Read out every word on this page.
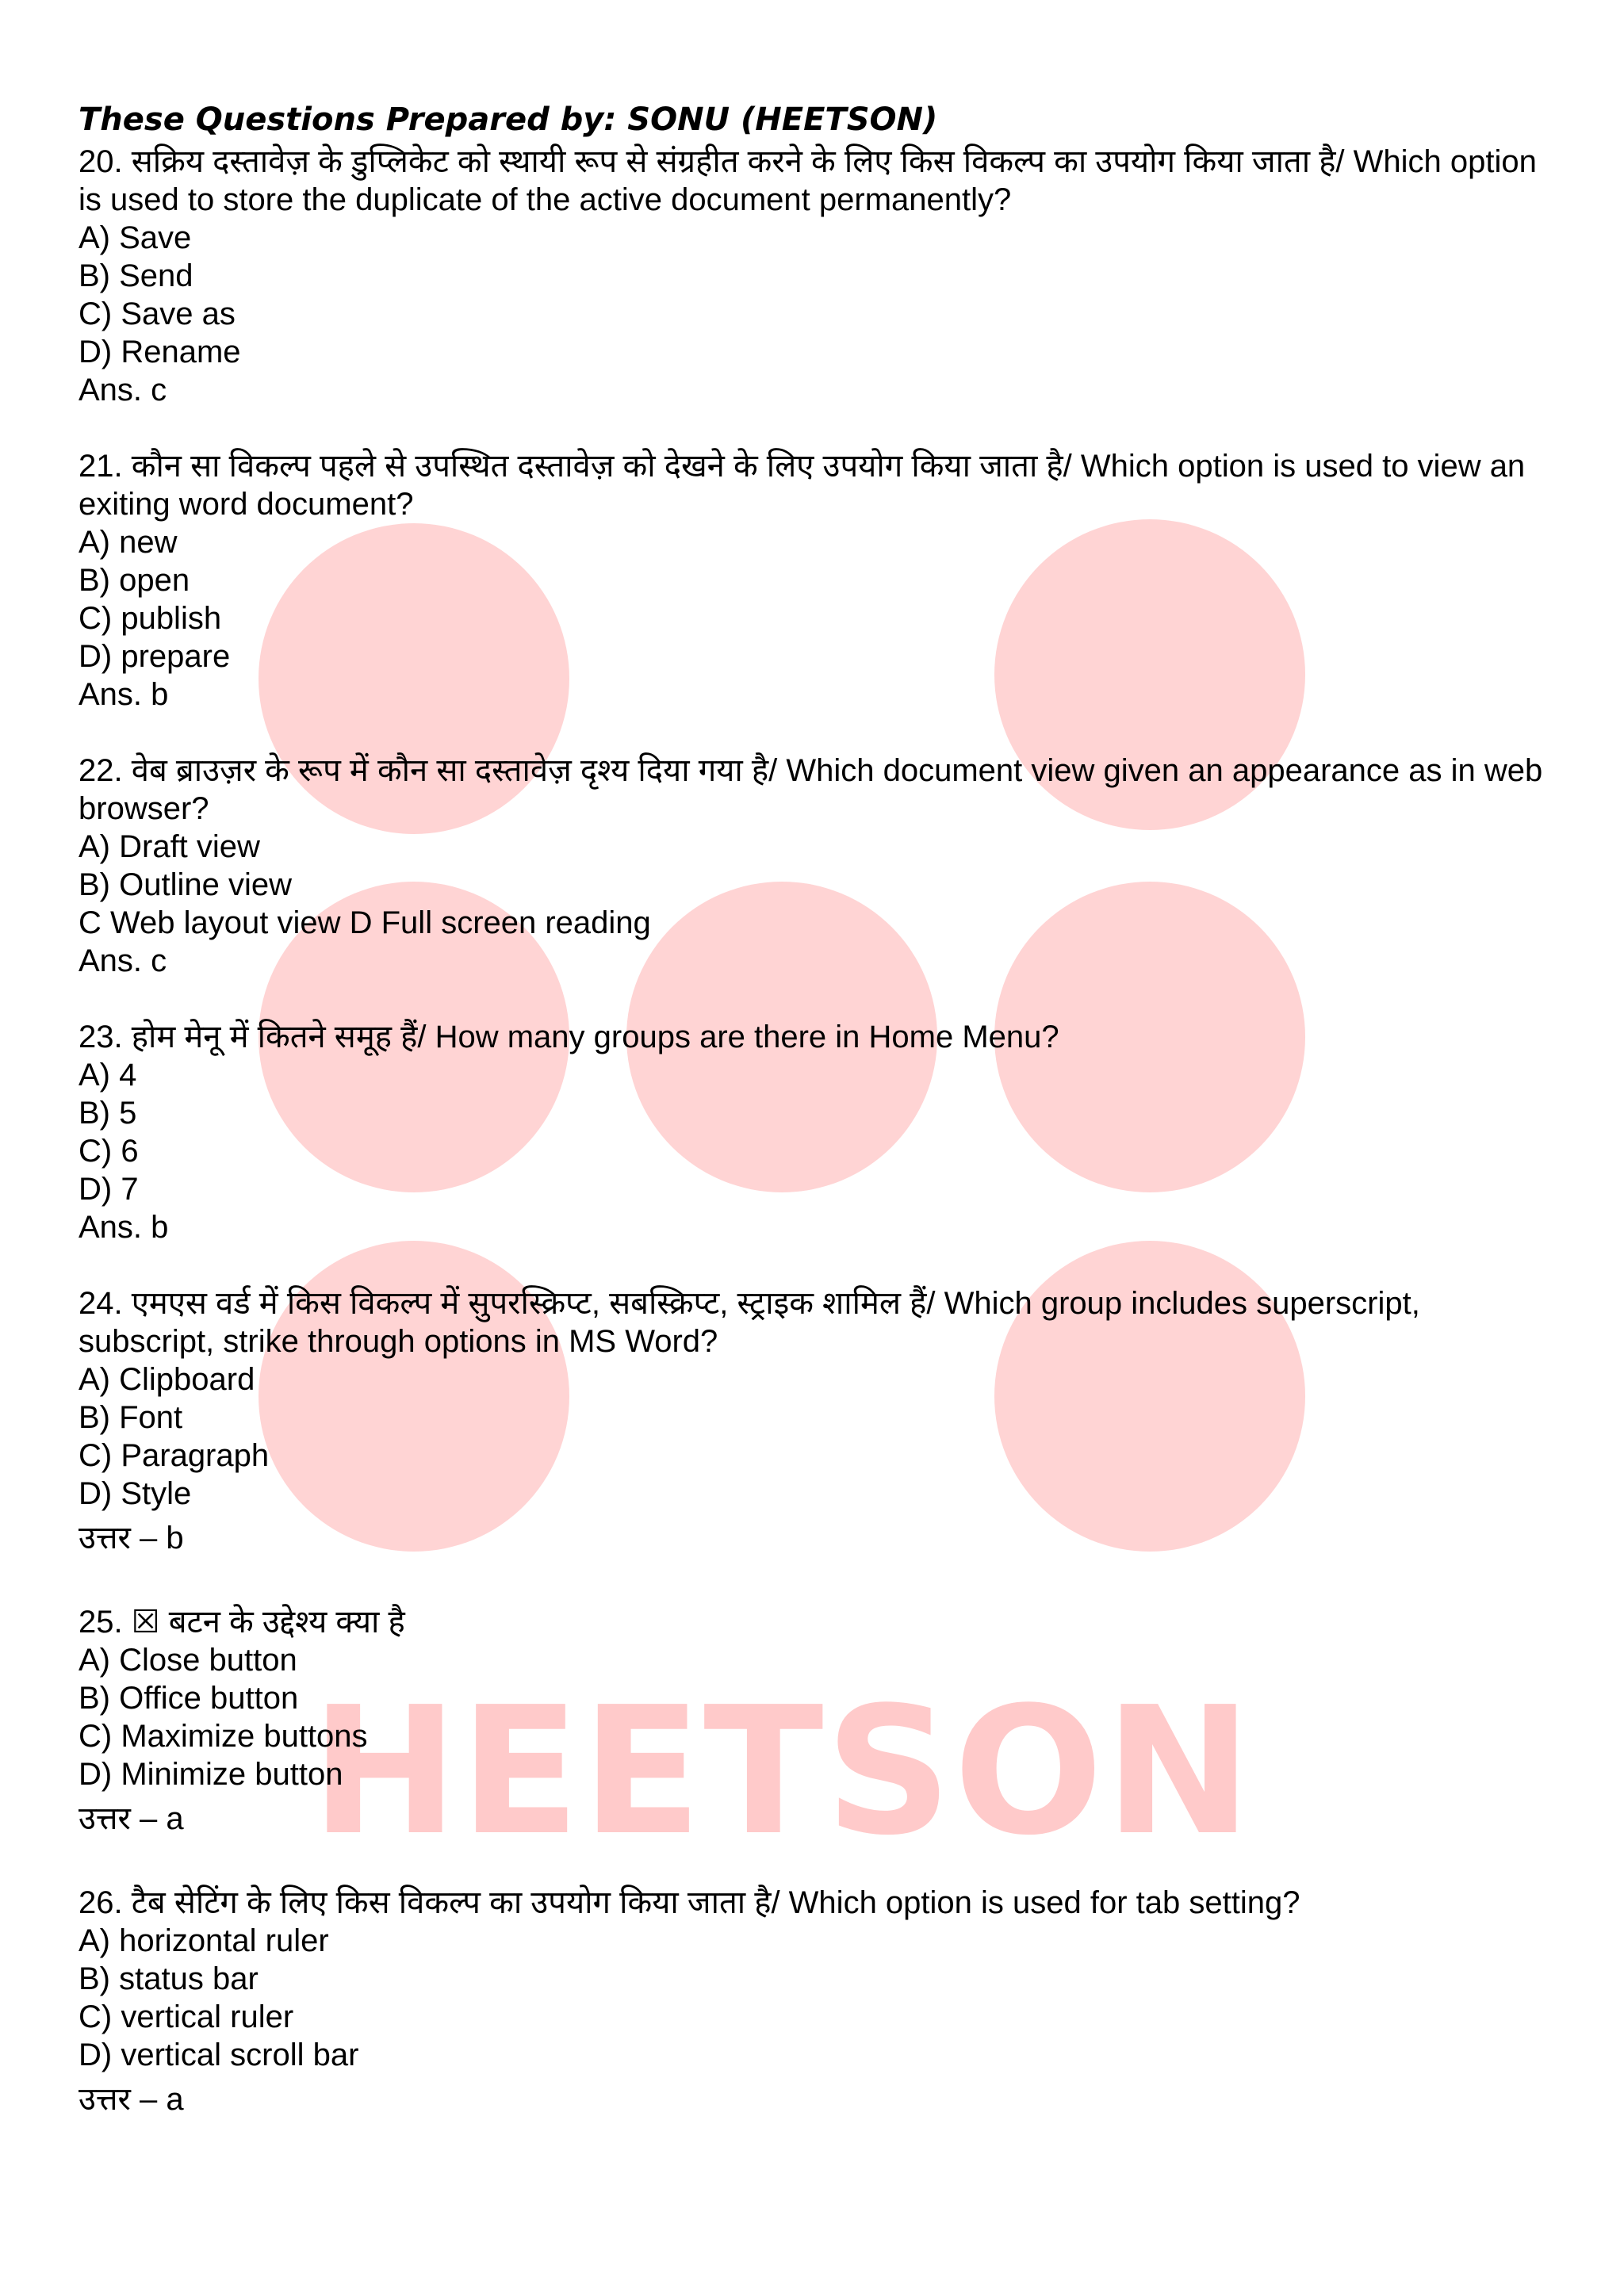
HEETSON
These Questions Prepared by: SONU (HEETSON)
20. सक्रिय दस्तावेज़ के डुप्लिकेट को स्थायी रूप से संग्रहीत करने के लिए किस विकल्प का उपयोग किया जाता है/ Which option is used to store the duplicate of the active document permanently?
A) Save
B) Send
C) Save as
D) Rename
Ans. c
21. कौन सा विकल्प पहले से उपस्थित दस्तावेज़ को देखने के लिए उपयोग किया जाता है/ Which option is used to view an exiting word document?
A) new
B) open
C) publish
D) prepare
Ans. b
22. वेब ब्राउज़र के रूप में कौन सा दस्तावेज़ दृश्य दिया गया है/ Which document view given an appearance as in web browser?
A) Draft view
B) Outline view
C Web layout view D Full screen reading
Ans. c
23. होम मेनू में कितने समूह हैं/ How many groups are there in Home Menu?
A) 4
B) 5
C) 6
D) 7
Ans. b
24. एमएस वर्ड में किस विकल्प में सुपरस्क्रिप्ट, सबस्क्रिप्ट, स्ट्राइक शामिल हैं/ Which group includes superscript, subscript, strike through options in MS Word?
A) Clipboard
B) Font
C) Paragraph
D) Style
उत्तर – b
25. ☒ बटन के उद्देश्य क्या है
A) Close button
B) Office button
C) Maximize buttons
D) Minimize button
उत्तर – a
26. टैब सेटिंग के लिए किस विकल्प का उपयोग किया जाता है/ Which option is used for tab setting?
A) horizontal ruler
B) status bar
C) vertical ruler
D) vertical scroll bar
उत्तर – a
